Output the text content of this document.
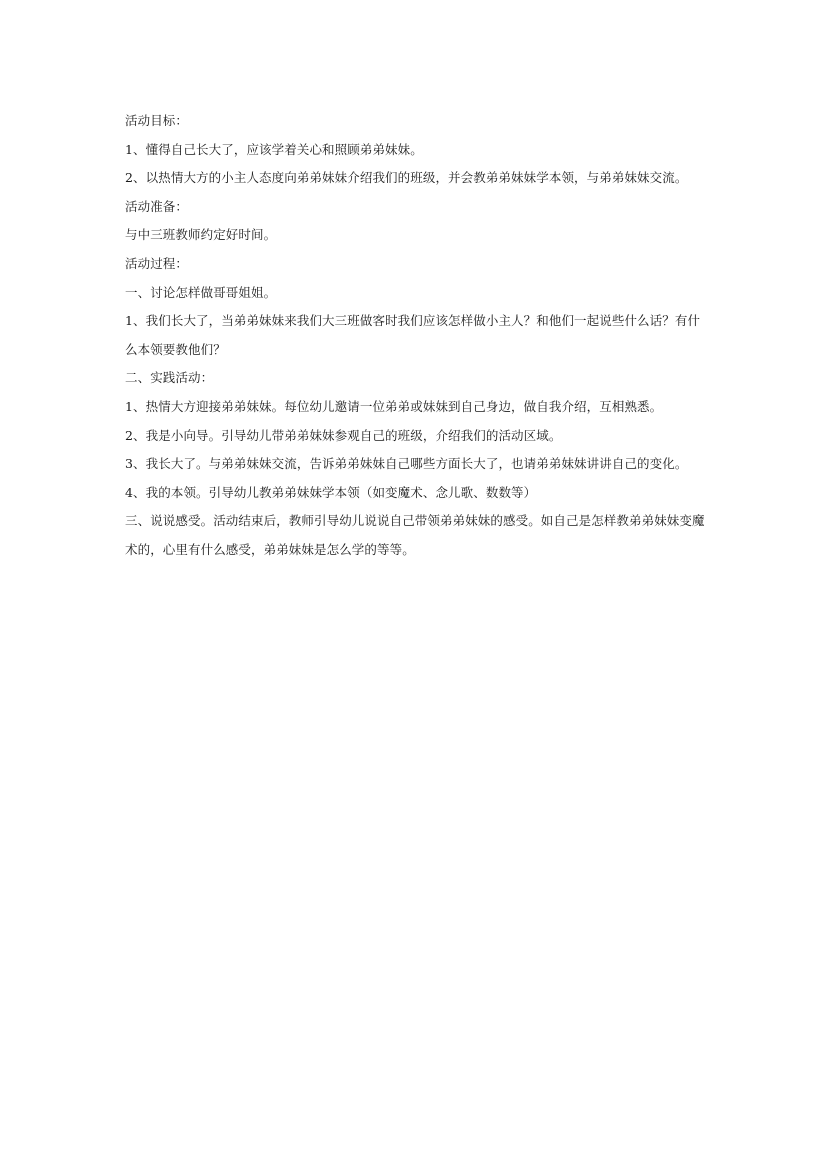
活动目标：

1、懂得自己长大了，应该学着关心和照顾弟弟妹妹。

2、以热情大方的小主人态度向弟弟妹妹介绍我们的班级，并会教弟弟妹妹学本领，与弟弟妹妹交流。

活动准备：

与中三班教师约定好时间。

活动过程：

一、讨论怎样做哥哥姐姐。

1、我们长大了，当弟弟妹妹来我们大三班做客时我们应该怎样做小主人？和他们一起说些什么话？有什么本领要教他们？

二、实践活动：

1、热情大方迎接弟弟妹妹。每位幼儿邀请一位弟弟或妹妹到自己身边，做自我介绍，互相熟悉。

2、我是小向导。引导幼儿带弟弟妹妹参观自己的班级，介绍我们的活动区域。

3、我长大了。与弟弟妹妹交流，告诉弟弟妹妹自己哪些方面长大了，也请弟弟妹妹讲讲自己的变化。

4、我的本领。引导幼儿教弟弟妹妹学本领（如变魔术、念儿歌、数数等）

三、说说感受。活动结束后，教师引导幼儿说说自己带领弟弟妹妹的感受。如自己是怎样教弟弟妹妹变魔术的，心里有什么感受，弟弟妹妹是怎么学的等等。
